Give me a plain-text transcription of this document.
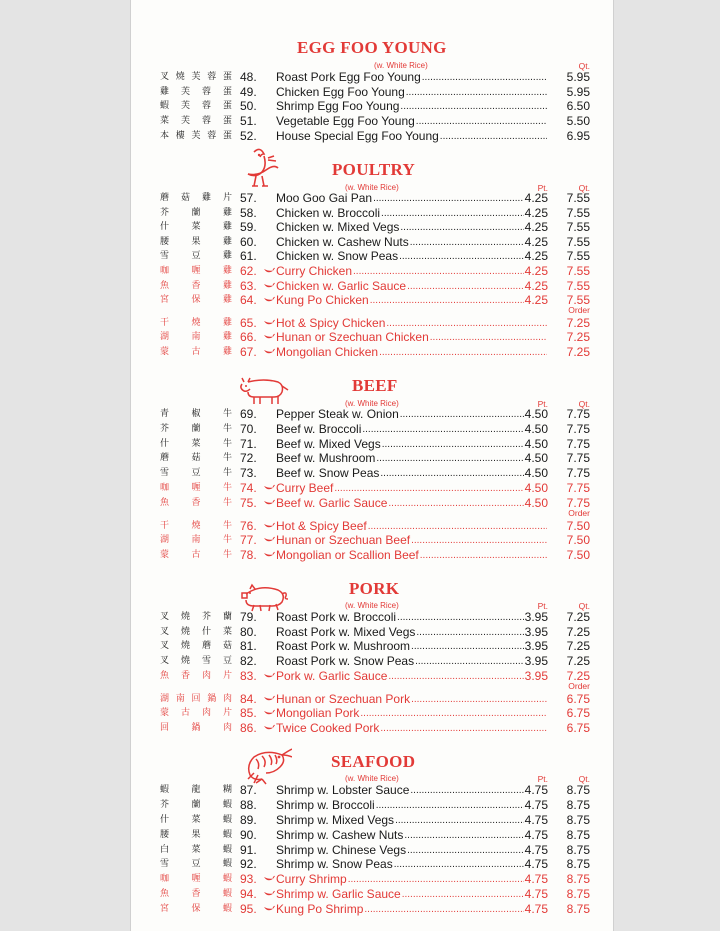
EGG FOO YOUNG
(w. White Rice)	Qt.
叉 燒 芙 蓉 蛋 48. Roast Pork Egg Foo Young .....	5.95
雞 芙 蓉 蛋 49. Chicken Egg Foo Young .....	5.95
蝦 芙 蓉 蛋 50. Shrimp Egg Foo Young .....	6.50
菜 芙 蓉 蛋 51. Vegetable Egg Foo Young .....	5.50
本 樓 芙 蓉 蛋 52. House Special Egg Foo Young .....	6.95
POULTRY
(w. White Rice)	Pt.	Qt.
蘑 菇 雞 片 57. Moo Goo Gai Pan .....	4.25 7.55
芥 蘭 雞 58. Chicken w. Broccoli .....	4.25 7.55
什 菜 雞 59. Chicken w. Mixed Vegs .....	4.25 7.55
腰 果 雞 60. Chicken w. Cashew Nuts .....	4.25 7.55
雪 豆 雞 61. Chicken w. Snow Peas .....	4.25 7.55
咖 喱 雞 62. Curry Chicken .....	4.25 7.55
魚 香 雞 63. Chicken w. Garlic Sauce .....	4.25 7.55
宮 保 雞 64. Kung Po Chicken .....	4.25 7.55
Order
干 燒 雞 65. Hot & Spicy Chicken .....	7.25
湖 南 雞 66. Hunan or Szechuan Chicken .....	7.25
蒙 古 雞 67. Mongolian Chicken .....	7.25
BEEF
(w. White Rice)	Pt.	Qt.
青 椒 牛 69. Pepper Steak w. Onion .....	4.50 7.75
芥 蘭 牛 70. Beef w. Broccoli .....	4.50 7.75
什 菜 牛 71. Beef w. Mixed Vegs .....	4.50 7.75
蘑 菇 牛 72. Beef w. Mushroom .....	4.50 7.75
雪 豆 牛 73. Beef w. Snow Peas .....	4.50 7.75
咖 喱 牛 74. Curry Beef .....	4.50 7.75
魚 香 牛 75. Beef w. Garlic Sauce .....	4.50 7.75
Order
干 燒 牛 76. Hot & Spicy Beef .....	7.50
湖 南 牛 77. Hunan or Szechuan Beef .....	7.50
蒙 古 牛 78. Mongolian or Scallion Beef .....	7.50
PORK
(w. White Rice)	Pt.	Qt.
叉 燒 芥 蘭 79. Roast Pork w. Broccoli .....	3.95 7.25
叉 燒 什 菜 80. Roast Pork w. Mixed Vegs .....	3.95 7.25
叉 燒 蘑 菇 81. Roast Pork w. Mushroom .....	3.95 7.25
叉 燒 雪 豆 82. Roast Pork w. Snow Peas .....	3.95 7.25
魚 香 肉 片 83. Pork w. Garlic Sauce .....	3.95 7.25
Order
湖 南 回 鍋 肉 84. Hunan or Szechuan Pork .....	6.75
蒙 古 肉 片 85. Mongolian Pork .....	6.75
回 鍋 肉 86. Twice Cooked Pork .....	6.75
SEAFOOD
(w. White Rice)	Pt.	Qt.
蝦 龍 糊 87. Shrimp w. Lobster Sauce .....	4.75 8.75
芥 蘭 蝦 88. Shrimp w. Broccoli .....	4.75 8.75
什 菜 蝦 89. Shrimp w. Mixed Vegs .....	4.75 8.75
腰 果 蝦 90. Shrimp w. Cashew Nuts .....	4.75 8.75
白 菜 蝦 91. Shrimp w. Chinese Vegs .....	4.75 8.75
雪 豆 蝦 92. Shrimp w. Snow Peas .....	4.75 8.75
咖 喱 蝦 93. Curry Shrimp .....	4.75 8.75
魚 香 蝦 94. Shrimp w. Garlic Sauce .....	4.75 8.75
宮 保 蝦 95. Kung Po Shrimp .....	4.75 8.75
